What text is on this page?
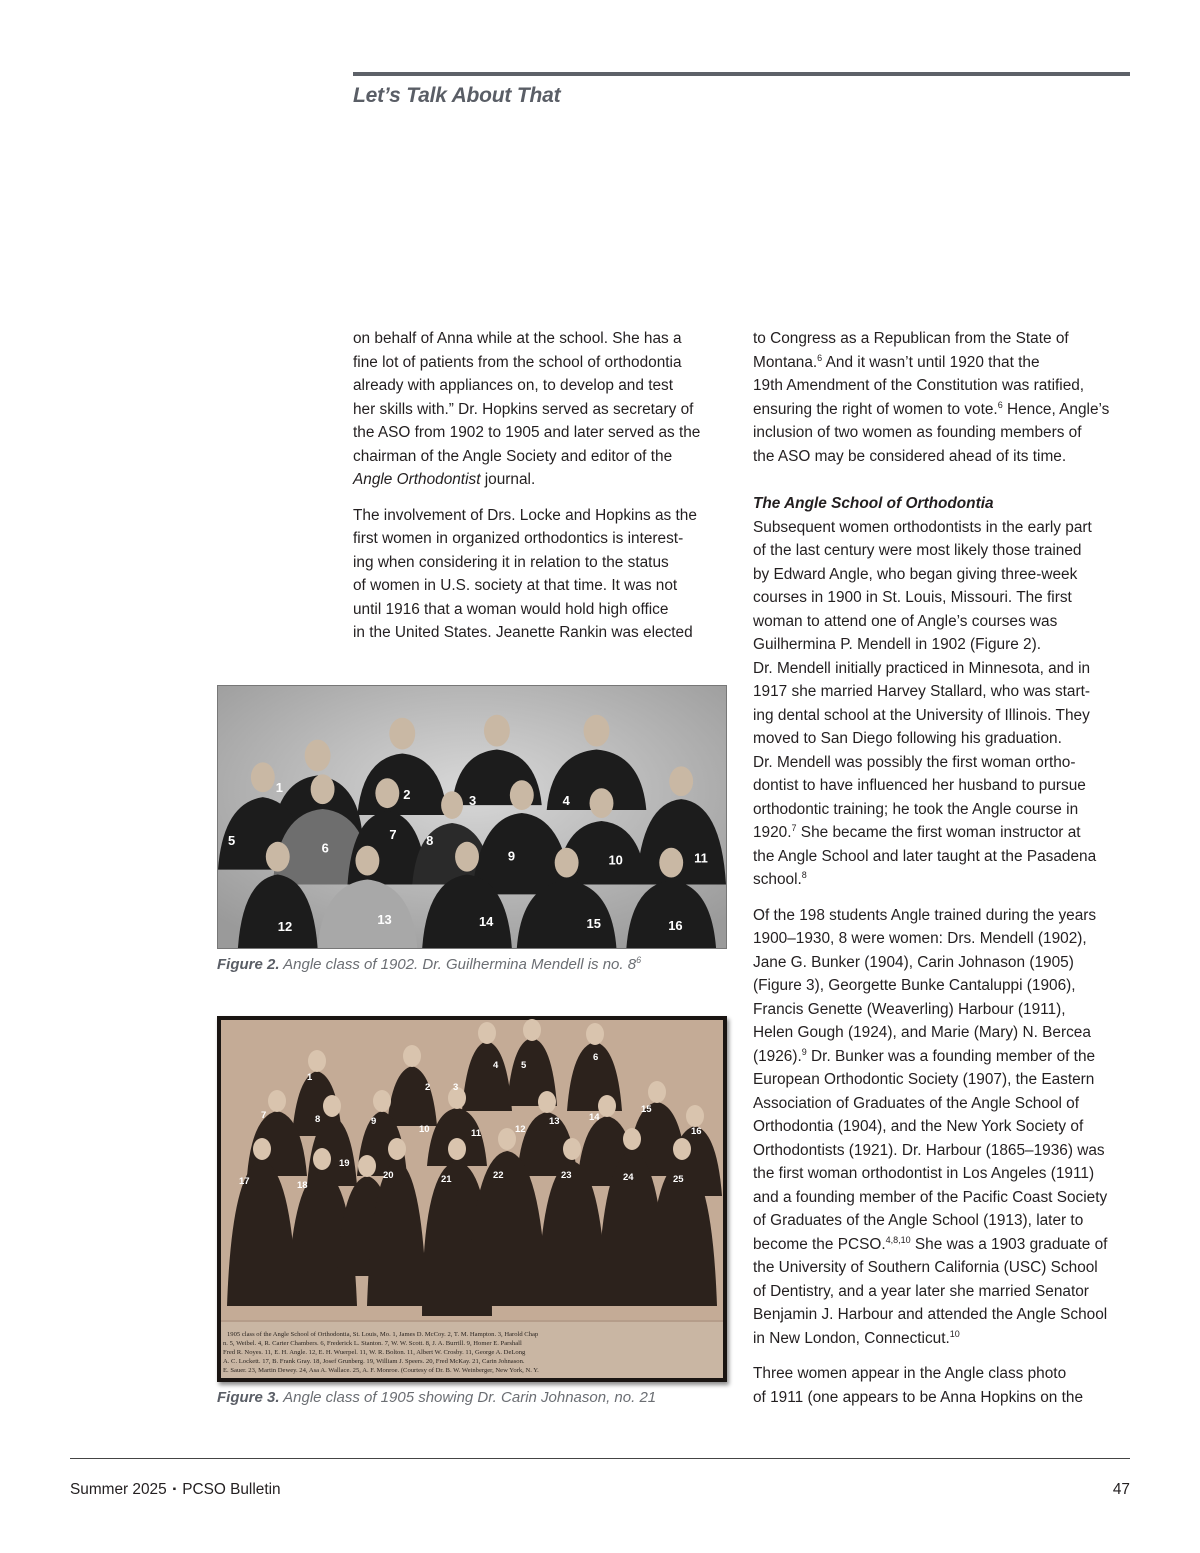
Let’s Talk About That

on behalf of Anna while at the school. She has a
fine lot of patients from the school of orthodontia
already with appliances on, to develop and test
her skills with.” Dr. Hopkins served as secretary of
the ASO from 1902 to 1905 and later served as the
chairman of the Angle Society and editor of the
Angle Orthodontist journal.

The involvement of Drs. Locke and Hopkins as the
first women in organized orthodontics is interest-
ing when considering it in relation to the status
of women in U.S. society at that time. It was not
until 1916 that a woman would hold high office
in the United States. Jeanette Rankin was elected

to Congress as a Republican from the State of
Montana.$^6$ And it wasn’t until 1920 that the
19th Amendment of the Constitution was ratified,
ensuring the right of women to vote.$^6$ Hence, Angle’s
inclusion of two women as founding members of
the ASO may be considered ahead of its time.

The Angle School of Orthodontia
Subsequent women orthodontists in the early part
of the last century were most likely those trained
by Edward Angle, who began giving three-week
courses in 1900 in St. Louis, Missouri. The first
woman to attend one of Angle’s courses was
Guilhermina P. Mendell in 1902 (Figure 2).
Dr. Mendell initially practiced in Minnesota, and in
1917 she married Harvey Stallard, who was start-
ing dental school at the University of Illinois. They
moved to San Diego following his graduation.
Dr. Mendell was possibly the first woman ortho-
dontist to have influenced her husband to pursue
orthodontic training; he took the Angle course in
1920.$^7$ She became the first woman instructor at
the Angle School and later taught at the Pasadena
school.$^8$

Of the 198 students Angle trained during the years
1900–1930, 8 were women: Drs. Mendell (1902),
Jane G. Bunker (1904), Carin Johnason (1905)
(Figure 3), Georgette Bunke Cantaluppi (1906),
Francis Genette (Weaverling) Harbour (1911),
Helen Gough (1924), and Marie (Mary) N. Bercea
(1926).$^9$ Dr. Bunker was a founding member of the
European Orthodontic Society (1907), the Eastern
Association of Graduates of the Angle School of
Orthodontia (1904), and the New York Society of
Orthodontists (1921). Dr. Harbour (1865–1936) was
the first woman orthodontist in Los Angeles (1911)
and a founding member of the Pacific Coast Society
of Graduates of the Angle School (1913), later to
become the PCSO.$^{4,8,10}$ She was a 1903 graduate of
the University of Southern California (USC) School
of Dentistry, and a year later she married Senator
Benjamin J. Harbour and attended the Angle School
in New London, Connecticut.$^{10}$

Three women appear in the Angle class photo
of 1911 (one appears to be Anna Hopkins on the

1	2	3	4
5
6
7 8
9	10	11
12	13	14	15	16
Figure 2. Angle class of 1902. Dr. Guilhermina Mendell is no. $8^6$
1
2 3
4 5
6
7	8	9
10	11	12
13	14
15
16
17	18
19
20	21	22	23	24	25
1905 class of the Angle School of Orthodontia, St. Louis, Mo. 1, James D. McCoy. 2, T. M. Hampton. 3, Harold Chap
n. 5, Weibel. 4, R. Carter Chambers. 6, Frederick L. Stanton. 7, W. W. Scott. 8, J. A. Burrill. 9, Homer E. Parshall
Fred R. Noyes. 11, E. H. Angle. 12, E. H. Wuerpel. 11, W. R. Bolton. 11, Albert W. Crosby. 11, George A. DeLong
A. C. Lockett. 17, B. Frank Gray. 18, Josef Grunberg. 19, William J. Speers. 20, Fred McKay. 21, Carin Johnason.
E. Sauer. 23, Martin Dewey. 24, Asa A. Wallace. 25, A. F. Monroe. (Courtesy of Dr. B. W. Weinberger, New York, N. Y.
Figure 3. Angle class of 1905 showing Dr. Carin Johnason, no. 21
Summer 2025 ▪ PCSO Bulletin	47
